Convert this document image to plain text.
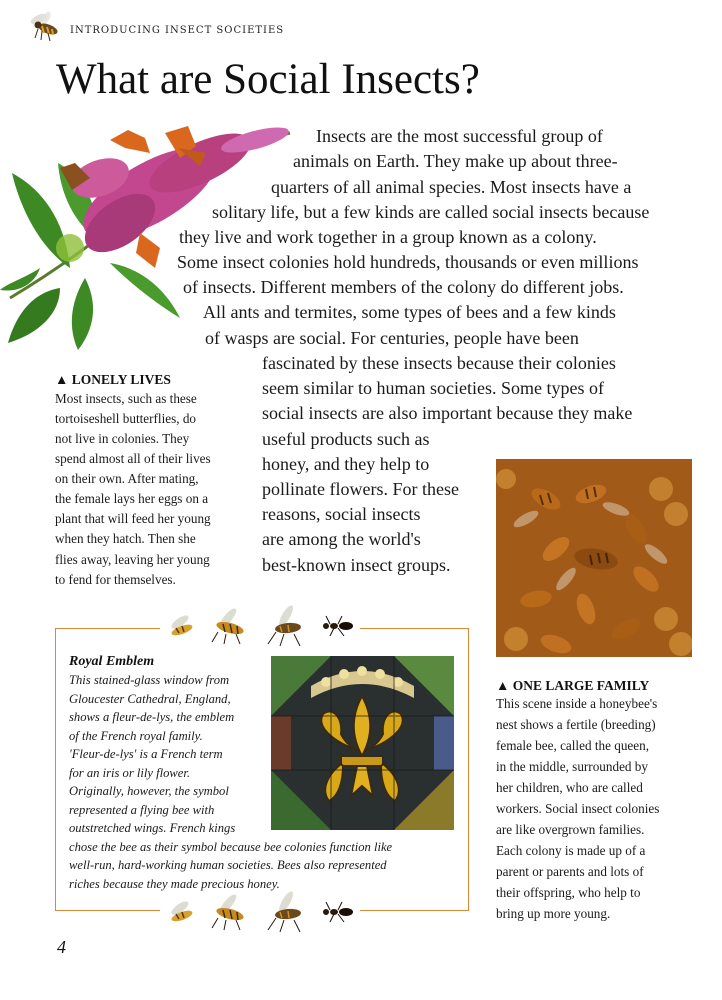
INTRODUCING INSECT SOCIETIES
What are Social Insects?
Insects are the most successful group of
animals on Earth. They make up about three-
quarters of all animal species. Most insects have a
solitary life, but a few kinds are called social insects because
they live and work together in a group known as a colony.
Some insect colonies hold hundreds, thousands or even millions
of insects. Different members of the colony do different jobs.
All ants and termites, some types of bees and a few kinds
of wasps are social. For centuries, people have been
fascinated by these insects because their colonies
seem similar to human societies. Some types of
social insects are also important because they make
useful products such as
honey, and they help to
pollinate flowers. For these
reasons, social insects
are among the world's
best-known insect groups.
▲ LONELY LIVES
Most insects, such as these
tortoiseshell butterflies, do
not live in colonies. They
spend almost all of their lives
on their own. After mating,
the female lays her eggs on a
plant that will feed her young
when they hatch. Then she
flies away, leaving her young
to fend for themselves.
▲ ONE LARGE FAMILY
This scene inside a honeybee's
nest shows a fertile (breeding)
female bee, called the queen,
in the middle, surrounded by
her children, who are called
workers. Social insect colonies
are like overgrown families.
Each colony is made up of a
parent or parents and lots of
their offspring, who help to
bring up more young.
Royal Emblem
This stained-glass window from
Gloucester Cathedral, England,
shows a fleur-de-lys, the emblem
of the French royal family.
'Fleur-de-lys' is a French term
for an iris or lily flower.
Originally, however, the symbol
represented a flying bee with
outstretched wings. French kings
chose the bee as their symbol because bee colonies function like
well-run, hard-working human societies. Bees also represented
riches because they made precious honey.
4
